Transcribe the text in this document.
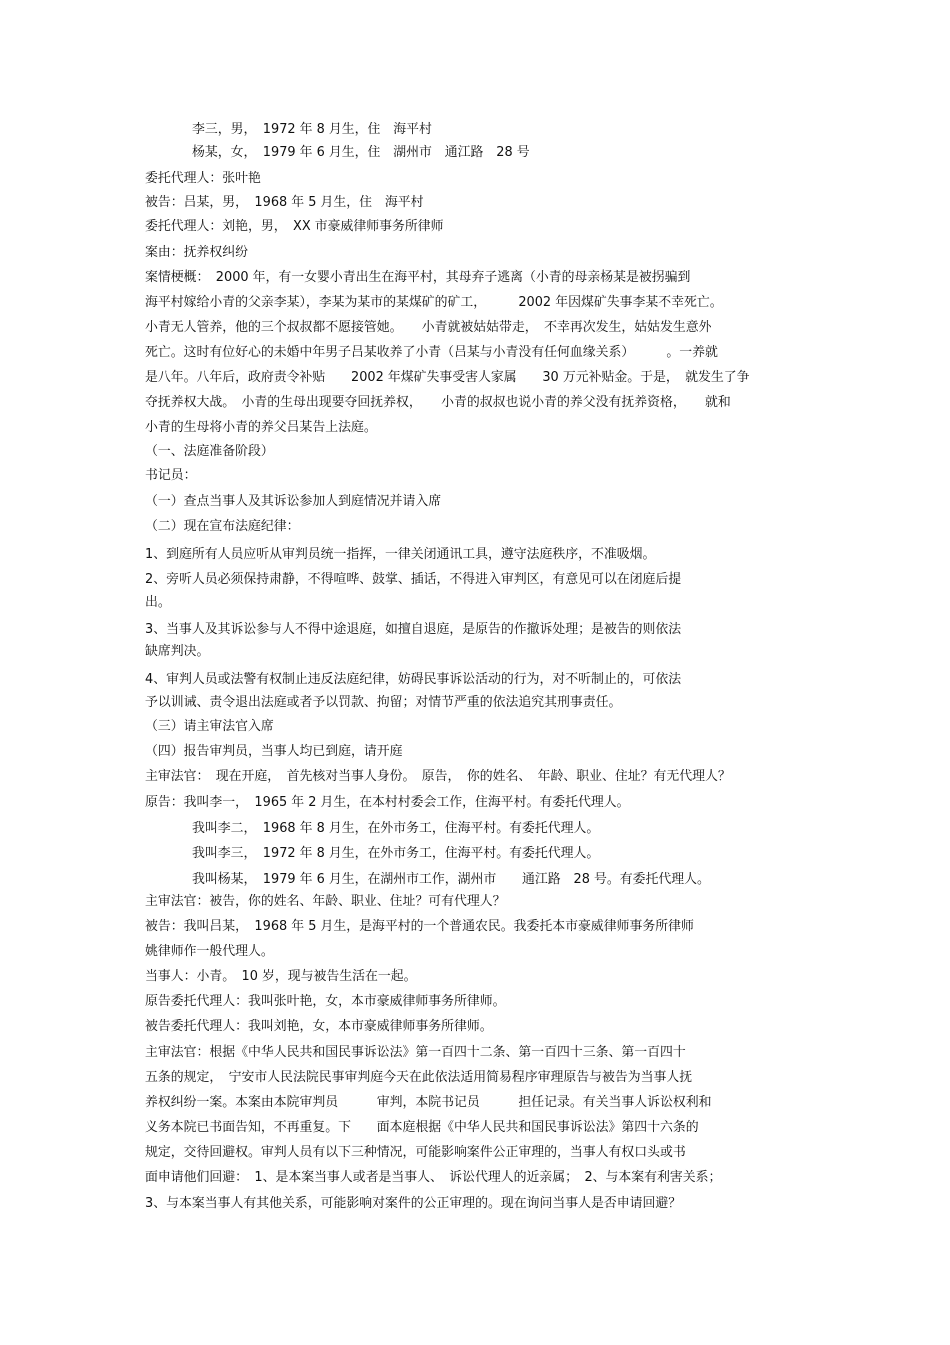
李三，男，　1972 年 8 月生，住　海平村
杨某，女，　1979 年 6 月生，住　湖州市　通江路　28 号
委托代理人：张叶艳
被告：吕某，男，　1968 年 5 月生，住　海平村
委托代理人：刘艳，男，　XX 市豪威律师事务所律师
案由：抚养权纠纷
案情梗概：　2000 年，有一女婴小青出生在海平村，其母弃子逃离（小青的母亲杨某是被拐骗到
海平村嫁给小青的父亲李某），李某为某市的某煤矿的矿工，　　　2002 年因煤矿失事李某不幸死亡。
小青无人管养，他的三个叔叔都不愿接管她。　　小青就被姑姑带走，　不幸再次发生，姑姑发生意外
死亡。这时有位好心的未婚中年男子吕某收养了小青（吕某与小青没有任何血缘关系）　　　。一养就
是八年。八年后，政府责令补贴　　2002 年煤矿失事受害人家属　　30 万元补贴金。于是，　就发生了争
夺抚养权大战。　小青的生母出现要夺回抚养权，　　小青的叔叔也说小青的养父没有抚养资格，　　就和
小青的生母将小青的养父吕某告上法庭。
（一、法庭准备阶段）
书记员：
（一）查点当事人及其诉讼参加人到庭情况并请入席
（二）现在宣布法庭纪律：
1、到庭所有人员应听从审判员统一指挥，一律关闭通讯工具，遵守法庭秩序，不准吸烟。
2、旁听人员必须保持肃静，不得喧哗、鼓掌、插话，不得进入审判区，有意见可以在闭庭后提
出。
3、当事人及其诉讼参与人不得中途退庭，如擅自退庭，是原告的作撤诉处理；是被告的则依法
缺席判决。
4、审判人员或法警有权制止违反法庭纪律，妨碍民事诉讼活动的行为，对不听制止的，可依法
予以训诫、责令退出法庭或者予以罚款、拘留；对情节严重的依法追究其刑事责任。
（三）请主审法官入席
（四）报告审判员，当事人均已到庭，请开庭
主审法官：　现在开庭，　首先核对当事人身份。　原告，　你的姓名、　年龄、职业、住址？有无代理人？
原告：我叫李一，　1965 年 2 月生，在本村村委会工作，住海平村。有委托代理人。
我叫李二，　1968 年 8 月生，在外市务工，住海平村。有委托代理人。
我叫李三，　1972 年 8 月生，在外市务工，住海平村。有委托代理人。
我叫杨某，　1979 年 6 月生，在湖州市工作，湖州市　　通江路　28 号。有委托代理人。
主审法官：被告，你的姓名、年龄、职业、住址？可有代理人？
被告：我叫吕某，　1968 年 5 月生，是海平村的一个普通农民。我委托本市豪威律师事务所律师
姚律师作一般代理人。
当事人：小青。　10 岁，现与被告生活在一起。
原告委托代理人：我叫张叶艳，女，本市豪威律师事务所律师。
被告委托代理人：我叫刘艳，女，本市豪威律师事务所律师。
主审法官：根据《中华人民共和国民事诉讼法》第一百四十二条、第一百四十三条、第一百四十
五条的规定，　宁安市人民法院民事审判庭今天在此依法适用简易程序审理原告与被告为当事人抚
养权纠纷一案。本案由本院审判员　　　审判，本院书记员　　　担任记录。有关当事人诉讼权利和
义务本院已书面告知，不再重复。下　　面本庭根据《中华人民共和国民事诉讼法》第四十六条的
规定，交待回避权。审判人员有以下三种情况，可能影响案件公正审理的，当事人有权口头或书
面申请他们回避：　1、是本案当事人或者是当事人、　诉讼代理人的近亲属；　2、与本案有利害关系；
3、与本案当事人有其他关系，可能影响对案件的公正审理的。现在询问当事人是否申请回避？
